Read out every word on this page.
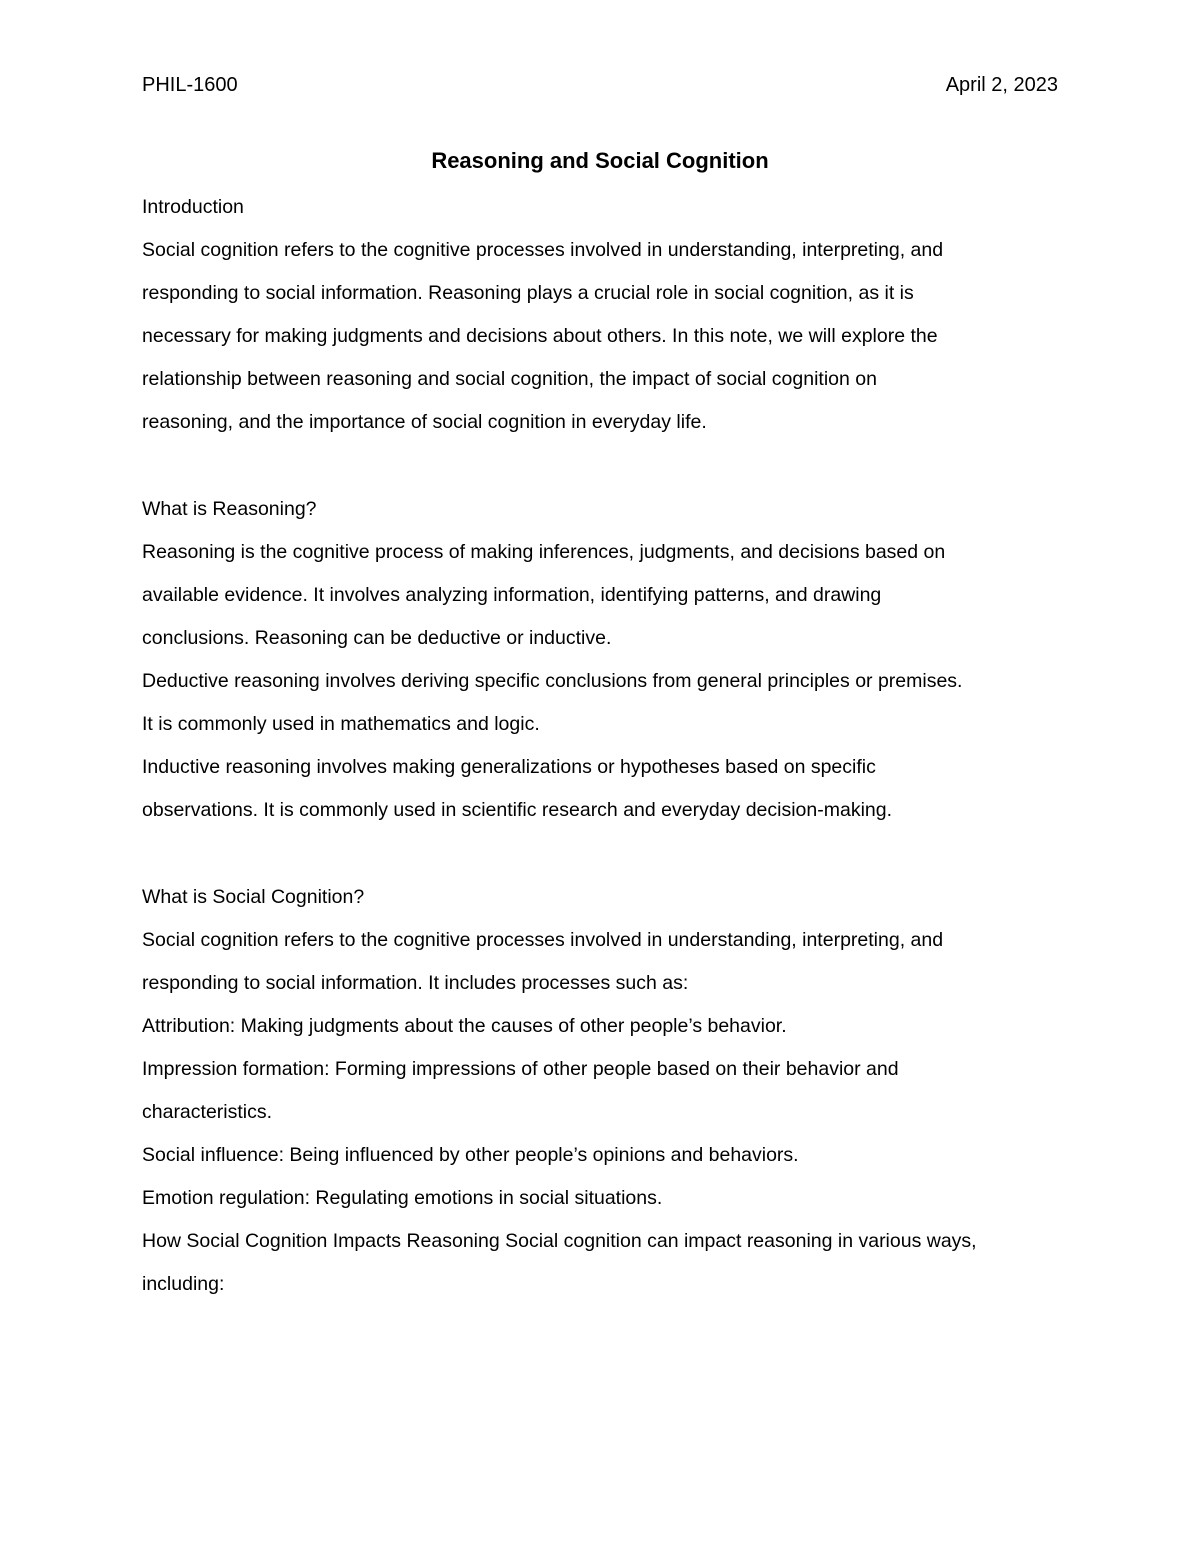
PHIL-1600	April 2, 2023
Reasoning and Social Cognition
Introduction
Social cognition refers to the cognitive processes involved in understanding, interpreting, and
responding to social information. Reasoning plays a crucial role in social cognition, as it is
necessary for making judgments and decisions about others. In this note, we will explore the
relationship between reasoning and social cognition, the impact of social cognition on
reasoning, and the importance of social cognition in everyday life.
What is Reasoning?
Reasoning is the cognitive process of making inferences, judgments, and decisions based on
available evidence. It involves analyzing information, identifying patterns, and drawing
conclusions. Reasoning can be deductive or inductive.
Deductive reasoning involves deriving specific conclusions from general principles or premises.
It is commonly used in mathematics and logic.
Inductive reasoning involves making generalizations or hypotheses based on specific
observations. It is commonly used in scientific research and everyday decision-making.
What is Social Cognition?
Social cognition refers to the cognitive processes involved in understanding, interpreting, and
responding to social information. It includes processes such as:
Attribution: Making judgments about the causes of other people’s behavior.
Impression formation: Forming impressions of other people based on their behavior and
characteristics.
Social influence: Being influenced by other people’s opinions and behaviors.
Emotion regulation: Regulating emotions in social situations.
How Social Cognition Impacts Reasoning Social cognition can impact reasoning in various ways,
including:
